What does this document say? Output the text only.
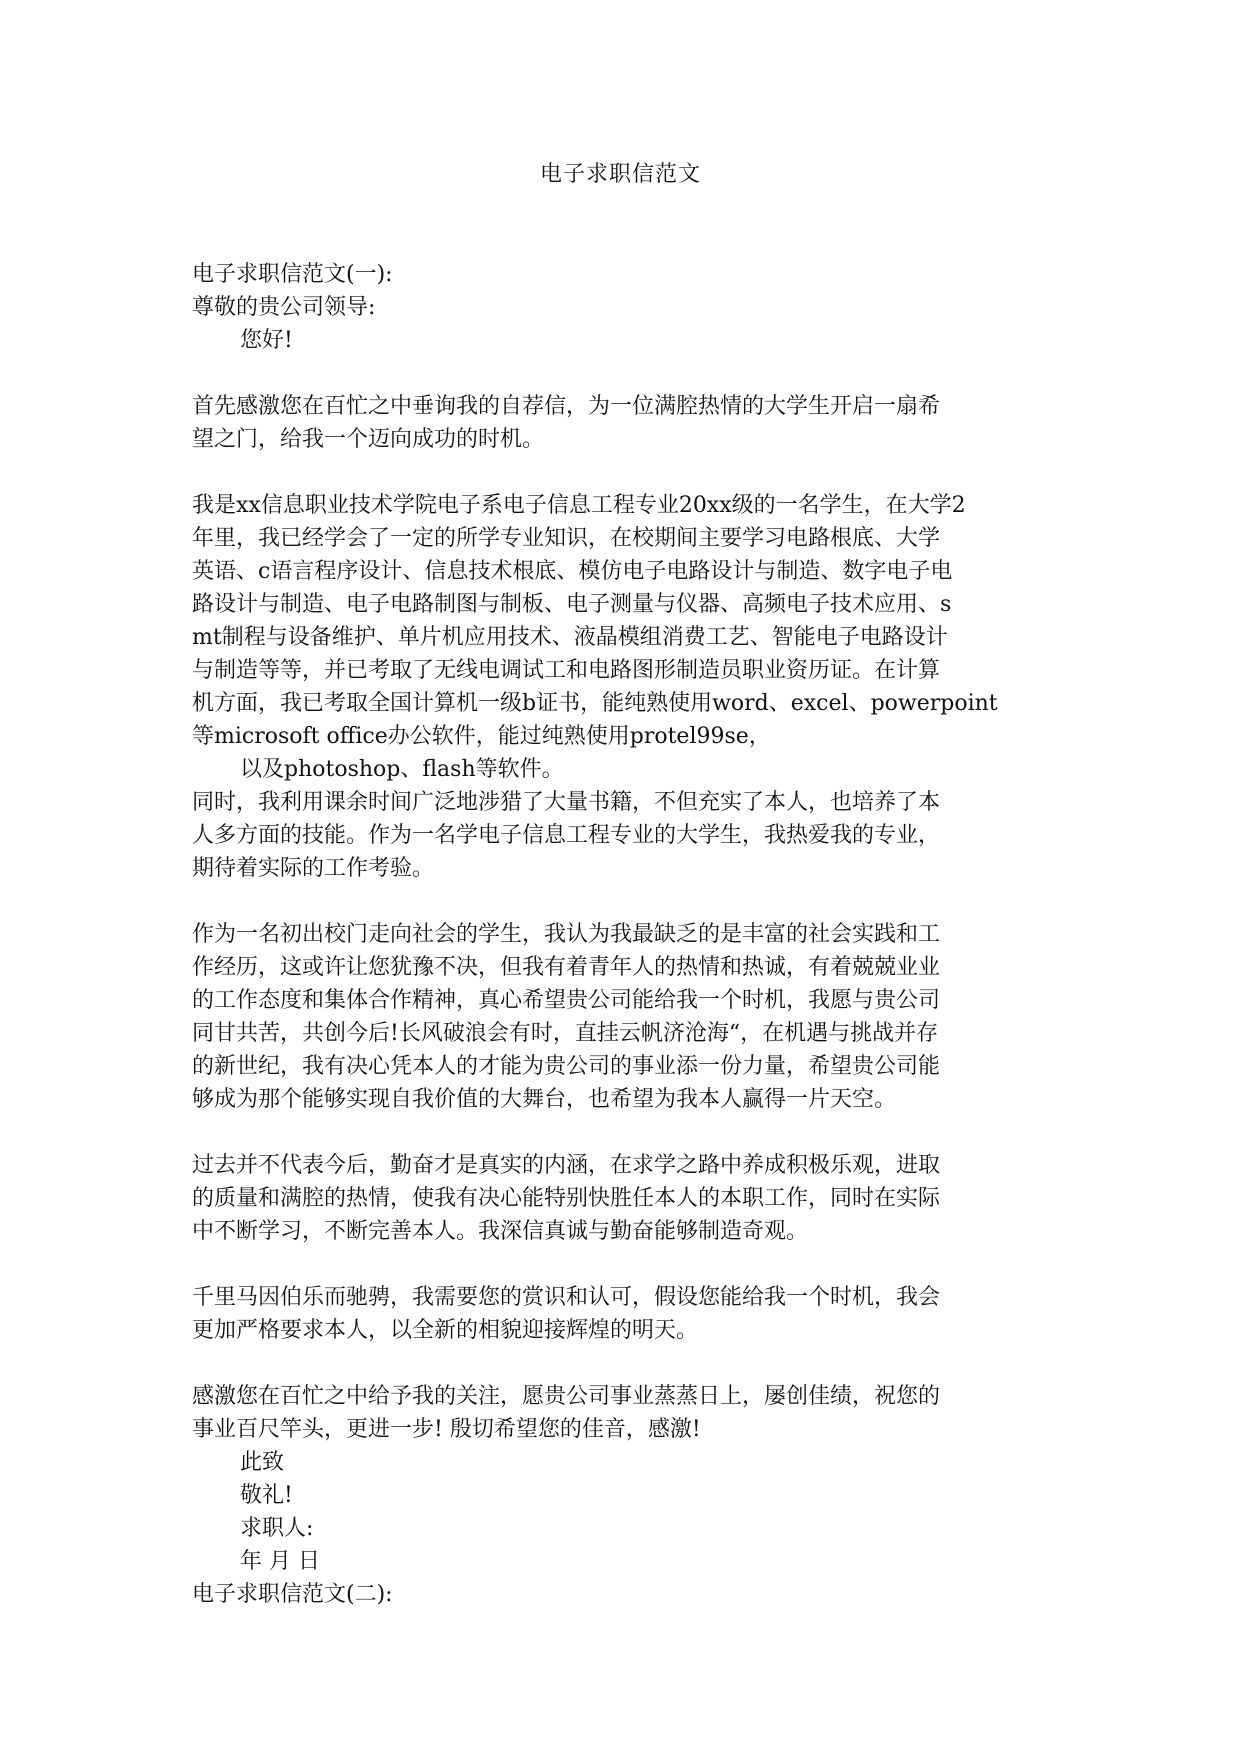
电子求职信范文
电子求职信范文(一):
尊敬的贵公司领导:
您好!
首先感激您在百忙之中垂询我的自荐信，为一位满腔热情的大学生开启一扇希
望之门，给我一个迈向成功的时机。
我是xx信息职业技术学院电子系电子信息工程专业20xx级的一名学生，在大学2
年里，我已经学会了一定的所学专业知识，在校期间主要学习电路根底、大学
英语、c语言程序设计、信息技术根底、模仿电子电路设计与制造、数字电子电
路设计与制造、电子电路制图与制板、电子测量与仪器、高频电子技术应用、s
mt制程与设备维护、单片机应用技术、液晶模组消费工艺、智能电子电路设计
与制造等等，并已考取了无线电调试工和电路图形制造员职业资历证。在计算
机方面，我已考取全国计算机一级b证书，能纯熟使用word、excel、powerpoint
等microsoft office办公软件，能过纯熟使用protel99se，
以及photoshop、flash等软件。
同时，我利用课余时间广泛地涉猎了大量书籍，不但充实了本人，也培养了本
人多方面的技能。作为一名学电子信息工程专业的大学生，我热爱我的专业，
期待着实际的工作考验。
作为一名初出校门走向社会的学生，我认为我最缺乏的是丰富的社会实践和工
作经历，这或许让您犹豫不决，但我有着青年人的热情和热诚，有着兢兢业业
的工作态度和集体合作精神，真心希望贵公司能给我一个时机，我愿与贵公司
同甘共苦，共创今后!长风破浪会有时，直挂云帆济沧海“，在机遇与挑战并存
的新世纪，我有决心凭本人的才能为贵公司的事业添一份力量，希望贵公司能
够成为那个能够实现自我价值的大舞台，也希望为我本人赢得一片天空。
过去并不代表今后，勤奋才是真实的内涵，在求学之路中养成积极乐观，进取
的质量和满腔的热情，使我有决心能特别快胜任本人的本职工作，同时在实际
中不断学习，不断完善本人。我深信真诚与勤奋能够制造奇观。
千里马因伯乐而驰骋，我需要您的赏识和认可，假设您能给我一个时机，我会
更加严格要求本人，以全新的相貌迎接辉煌的明天。
感激您在百忙之中给予我的关注，愿贵公司事业蒸蒸日上，屡创佳绩，祝您的
事业百尺竿头，更进一步! 殷切希望您的佳音，感激!
此致
敬礼!
求职人:
年 月 日
电子求职信范文(二):
